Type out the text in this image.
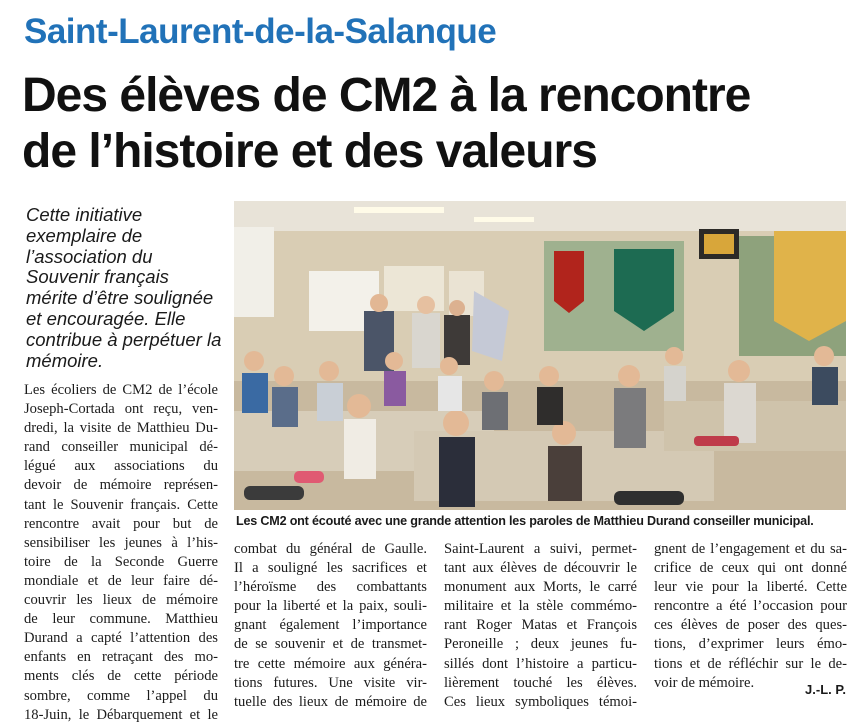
Saint-Laurent-de-la-Salanque
Des élèves de CM2 à la rencontre
de l’histoire et des valeurs
Cette initiative
exemplaire de
l’association du
Souvenir français
mérite d’être soulignée
et encouragée. Elle
contribue à perpétuer la
mémoire.
Les écoliers de CM2 de l’école
Joseph-Cortada ont reçu, ven-
dredi, la visite de Matthieu Du-
rand conseiller municipal dé-
légué aux associations du
devoir de mémoire représen-
tant le Souvenir français. Cette
rencontre avait pour but de
sensibiliser les jeunes à l’his-
toire de la Seconde Guerre
mondiale et de leur faire dé-
couvrir les lieux de mémoire
de leur commune. Matthieu
Durand a capté l’attention des
enfants en retraçant des mo-
ments clés de cette période
sombre, comme l’appel du
18-Juin, le Débarquement et le
Les CM2 ont écouté avec une grande attention les paroles de Matthieu Durand conseiller municipal.
combat du général de Gaulle.
Il a souligné les sacrifices et
l’héroïsme des combattants
pour la liberté et la paix, souli-
gnant également l’importance
de se souvenir et de transmet-
tre cette mémoire aux généra-
tions futures. Une visite vir-
tuelle des lieux de mémoire de
Saint-Laurent a suivi, permet-
tant aux élèves de découvrir le
monument aux Morts, le carré
militaire et la stèle commémo-
rant Roger Matas et François
Peroneille ; deux jeunes fu-
sillés dont l’histoire a particu-
lièrement touché les élèves.
Ces lieux symboliques témoi-
gnent de l’engagement et du sa-
crifice de ceux qui ont donné
leur vie pour la liberté. Cette
rencontre a été l’occasion pour
ces élèves de poser des ques-
tions, d’exprimer leurs émo-
tions et de réfléchir sur le de-
voir de mémoire.	J.-L. P.
